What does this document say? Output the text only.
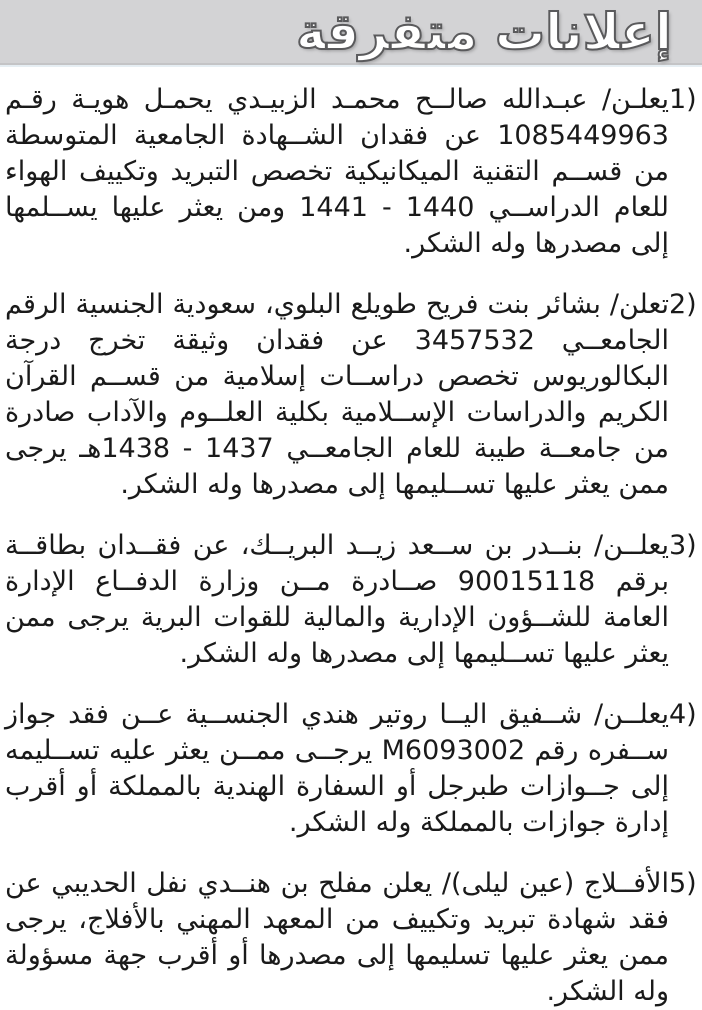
إعلانات متفرقة

1)
يعلـن/ عبـدالله صالــح محمـد الزبيـدي يحمـل هويـة رقـم 1085449963 عن فقدان الشــهادة الجامعية المتوسطة من قســم التقنية الميكانيكية تخصص التبريد وتكييف الهواء للعام الدراســي 1440 - 1441 ومن يعثر عليها يســلمها إلى مصدرها وله الشكر.

2)
تعلن/ بشائر بنت فريح طويلع البلوي، سعودية الجنسية الرقم الجامعــي 3457532 عن فقدان وثيقة تخرج درجة البكالوريوس تخصص دراســات إسلامية من قســم القرآن الكريم والدراسات الإســلامية بكلية العلــوم والآداب صادرة من جامعــة طيبة للعام الجامعــي 1437 - 1438هـ يرجى ممن يعثر عليها تســليمها إلى مصدرها وله الشكر.

3)
يعلــن/ بنــدر بن ســعد زيــد البريــك، عن فقــدان بطاقــة برقم 90015118 صــادرة مــن وزارة الدفــاع الإدارة العامة للشــؤون الإدارية والمالية للقوات البرية يرجى ممن يعثر عليها تســليمها إلى مصدرها وله الشكر.

4)
يعلــن/ شــفيق اليــا روتير هندي الجنســية عــن فقد جواز ســفره رقم M6093002 يرجــى ممــن يعثر عليه تســليمه إلى جــوازات طبرجل أو السفارة الهندية بالمملكة أو أقرب إدارة جوازات بالمملكة وله الشكر.

5)
الأفــلاج (عين ليلى)/ يعلن مفلح بن هنــدي نفل الحديبي عن فقد شهادة تبريد وتكييف من المعهد المهني بالأفلاج، يرجى ممن يعثر عليها تسليمها إلى مصدرها أو أقرب جهة مسؤولة وله الشكر.
